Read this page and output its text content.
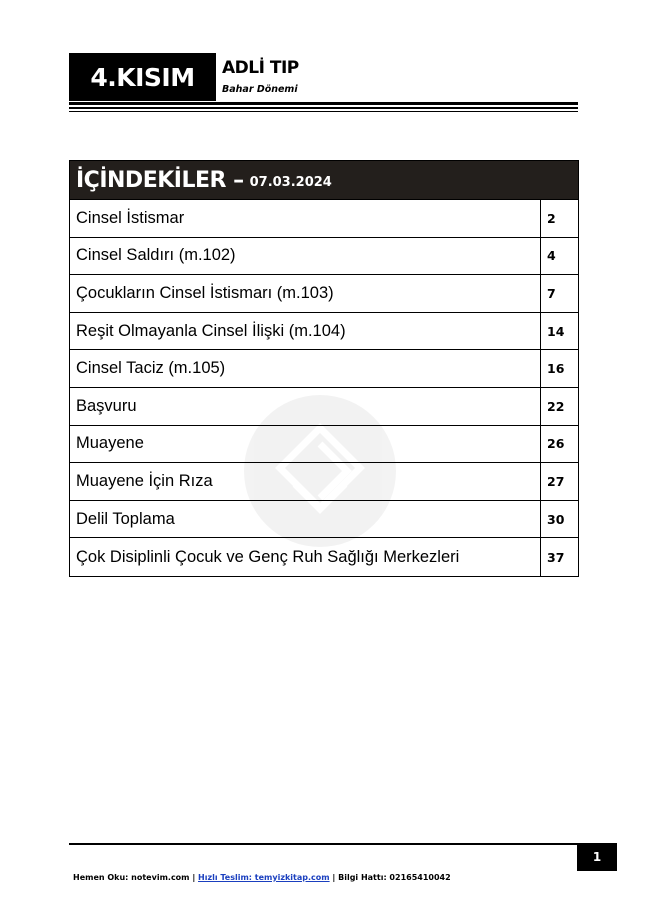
4.KISIM	ADLİ TIP
Bahar Dönemi
İÇİNDEKİLER – 07.03.2024
Cinsel İstismar	2
Cinsel Saldırı (m.102)	4
Çocukların Cinsel İstismarı (m.103)	7
Reşit Olmayanla Cinsel İlişki (m.104)	14
Cinsel Taciz (m.105)	16
Başvuru	22
Muayene	26
Muayene İçin Rıza	27
Delil Toplama	30
Çok Disiplinli Çocuk ve Genç Ruh Sağlığı Merkezleri	37
1
Hemen Oku: notevim.com | Hızlı Teslim: temyizkitap.com | Bilgi Hattı: 02165410042
